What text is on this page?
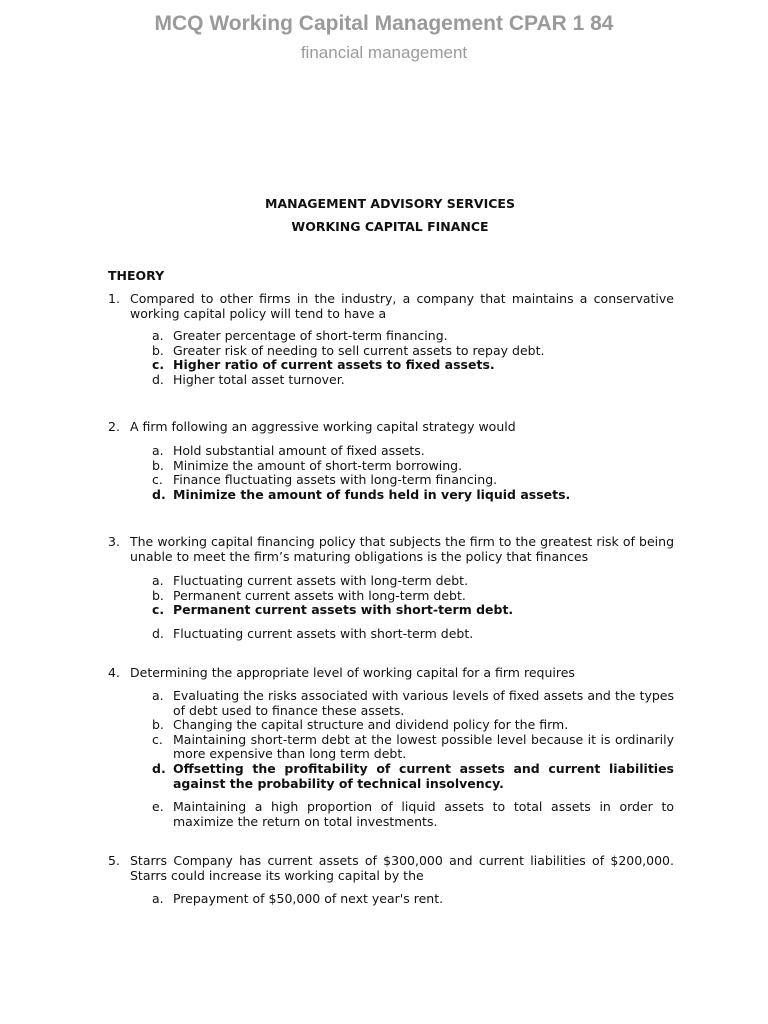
MCQ Working Capital Management CPAR 1 84
financial management
MANAGEMENT ADVISORY SERVICES
WORKING CAPITAL FINANCE
THEORY
1. Compared to other firms in the industry, a company that maintains a conservative working capital policy will tend to have a
a. Greater percentage of short-term financing.
b. Greater risk of needing to sell current assets to repay debt.
c. Higher ratio of current assets to fixed assets.
d. Higher total asset turnover.
2. A firm following an aggressive working capital strategy would
a. Hold substantial amount of fixed assets.
b. Minimize the amount of short-term borrowing.
c. Finance fluctuating assets with long-term financing.
d. Minimize the amount of funds held in very liquid assets.
3. The working capital financing policy that subjects the firm to the greatest risk of being unable to meet the firm’s maturing obligations is the policy that finances
a. Fluctuating current assets with long-term debt.
b. Permanent current assets with long-term debt.
c. Permanent current assets with short-term debt.
d. Fluctuating current assets with short-term debt.
4. Determining the appropriate level of working capital for a firm requires
a. Evaluating the risks associated with various levels of fixed assets and the types of debt used to finance these assets.
b. Changing the capital structure and dividend policy for the firm.
c. Maintaining short-term debt at the lowest possible level because it is ordinarily more expensive than long term debt.
d. Offsetting the profitability of current assets and current liabilities against the probability of technical insolvency.
e. Maintaining a high proportion of liquid assets to total assets in order to maximize the return on total investments.
5. Starrs Company has current assets of $300,000 and current liabilities of $200,000. Starrs could increase its working capital by the
a. Prepayment of $50,000 of next year's rent.
